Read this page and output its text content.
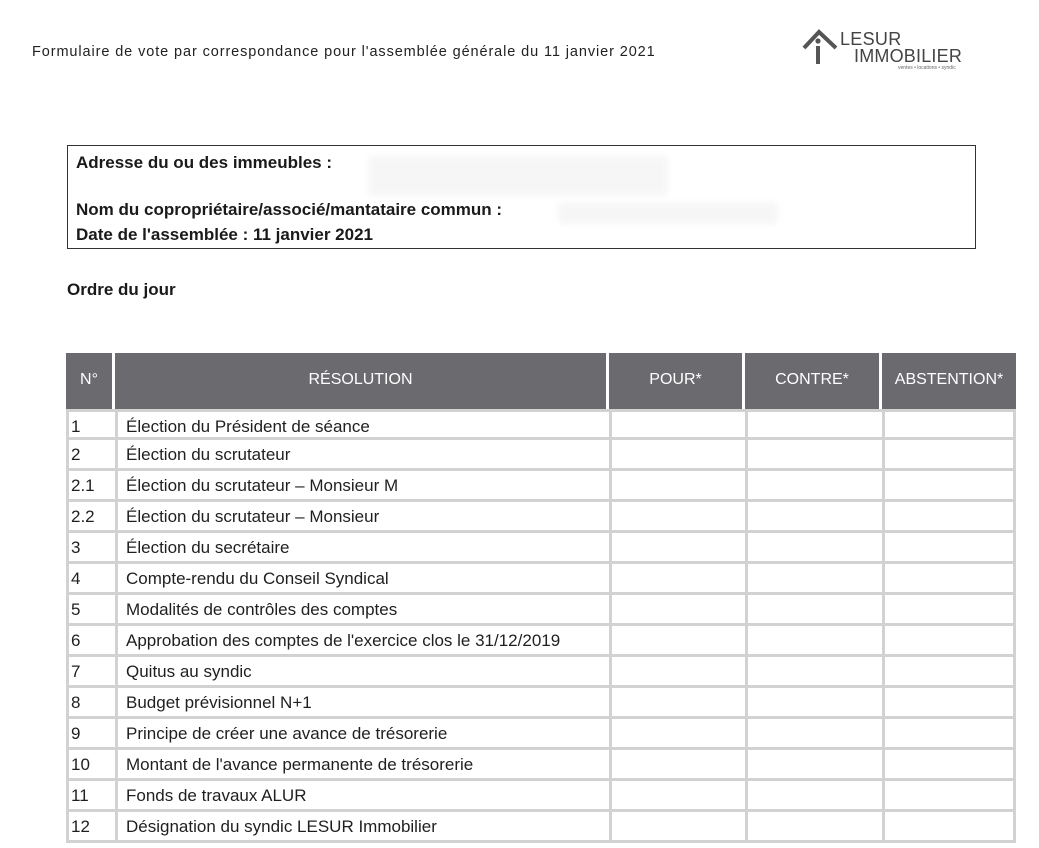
Formulaire de vote par correspondance pour l'assemblée générale du 11 janvier 2021
LESUR
IMMOBILIER
ventes • locations • syndic
Adresse du ou des immeubles :
Nom du copropriétaire/associé/mantataire commun :
Date de l'assemblée : 11 janvier 2021
Ordre du jour
N°	RÉSOLUTION	POUR*	CONTRE*	ABSTENTION*
1	Élection du Président de séance
2	Élection du scrutateur
2.1	Élection du scrutateur – Monsieur M
2.2	Élection du scrutateur – Monsieur
3	Élection du secrétaire
4	Compte-rendu du Conseil Syndical
5	Modalités de contrôles des comptes
6	Approbation des comptes de l'exercice clos le 31/12/2019
7	Quitus au syndic
8	Budget prévisionnel N+1
9	Principe de créer une avance de trésorerie
10	Montant de l'avance permanente de trésorerie
11	Fonds de travaux ALUR
12	Désignation du syndic LESUR Immobilier
